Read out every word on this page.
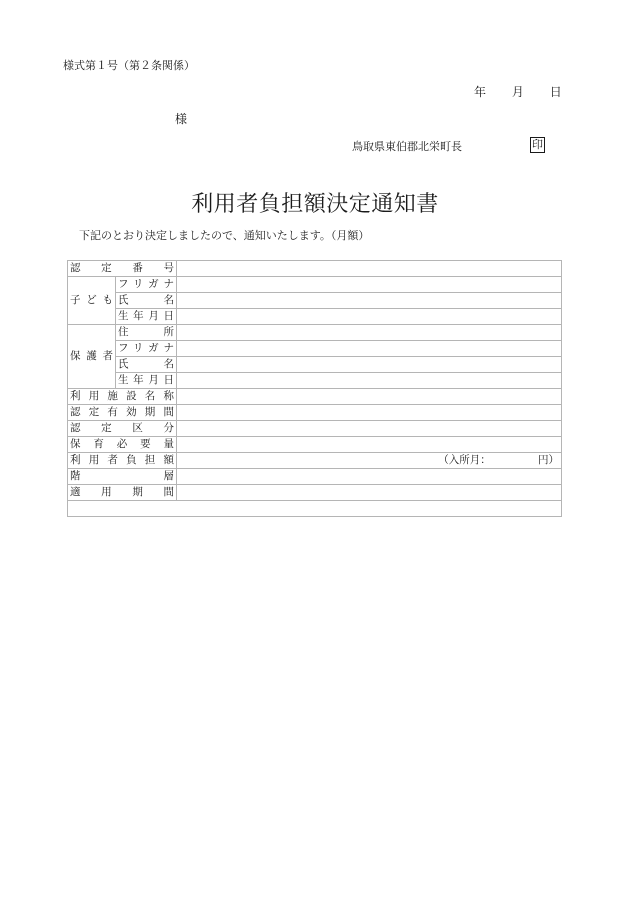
様式第１号（第２条関係）
年 月 日
様
鳥取県東伯郡北栄町長	印
利用者負担額決定通知書
下記のとおり決定しましたので、通知いたします。（月額）
認　定　番　号		
子 ど も	フリガナ	
	氏　　名	
	生年月日	
保 護 者	住　　所	

	フリガナ	
	氏　　名	
	生年月日	
利用施設名称		
認定有効期間		
認　定　区　分		
保育必要量		
利用者負担額		（入所月：　　　　　円）
階　　層		
適　用　期　間		
